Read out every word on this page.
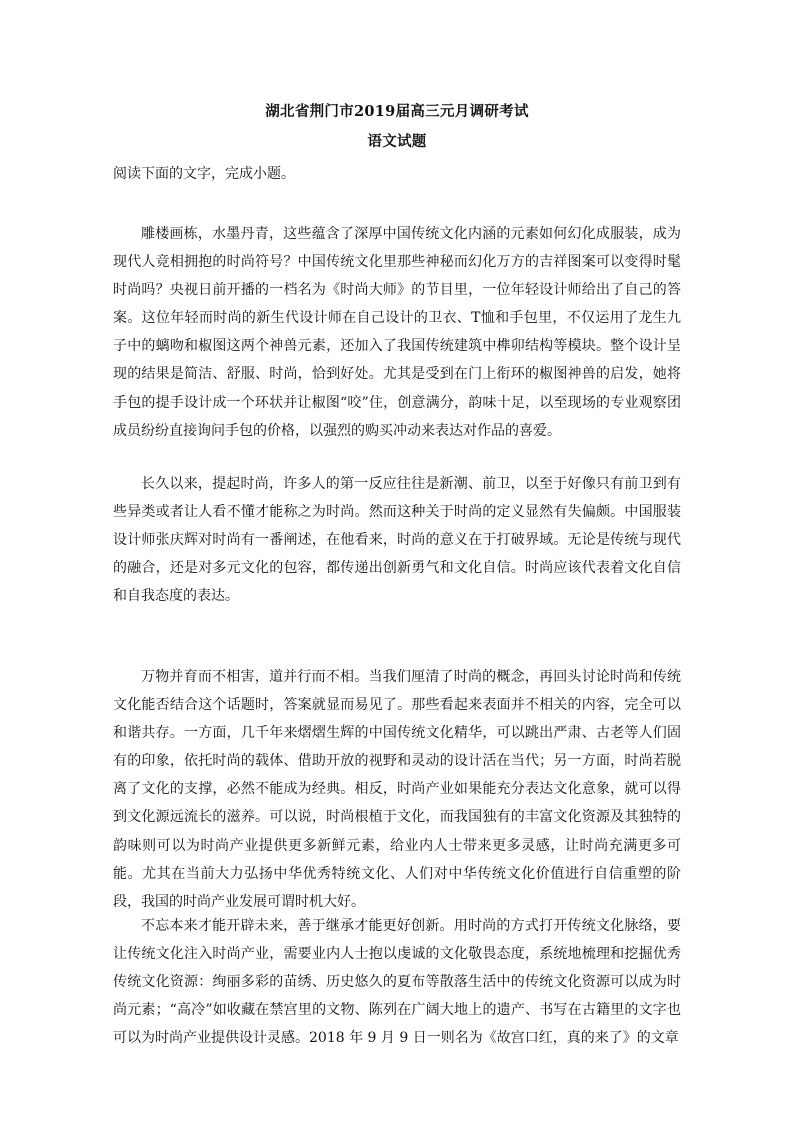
湖北省荆门市2019届高三元月调研考试
语文试题
阅读下面的文字，完成小题。

雕楼画栋，水墨丹青，这些蕴含了深厚中国传统文化内涵的元素如何幻化成服装，成为现代人竞相拥抱的时尚符号？中国传统文化里那些神秘而幻化万方的吉祥图案可以变得时髦时尚吗？央视日前开播的一档名为《时尚大师》的节目里，一位年轻设计师给出了自己的答案。这位年轻而时尚的新生代设计师在自己设计的卫衣、T恤和手包里，不仅运用了龙生九子中的螭吻和椒图这两个神兽元素，还加入了我国传统建筑中榫卯结构等模块。整个设计呈现的结果是简洁、舒服、时尚，恰到好处。尤其是受到在门上衔环的椒图神兽的启发，她将手包的提手设计成一个环状并让椒图“咬”住，创意满分，韵味十足，以至现场的专业观察团成员纷纷直接询问手包的价格，以强烈的购买冲动来表达对作品的喜爱。

长久以来，提起时尚，许多人的第一反应往往是新潮、前卫，以至于好像只有前卫到有些异类或者让人看不懂才能称之为时尚。然而这种关于时尚的定义显然有失偏颇。中国服装设计师张庆辉对时尚有一番阐述，在他看来，时尚的意义在于打破界域。无论是传统与现代的融合，还是对多元文化的包容，都传递出创新勇气和文化自信。时尚应该代表着文化自信和自我态度的表达。

万物并育而不相害，道并行而不相。当我们厘清了时尚的概念，再回头讨论时尚和传统文化能否结合这个话题时，答案就显而易见了。那些看起来表面并不相关的内容，完全可以和谐共存。一方面，几千年来熠熠生辉的中国传统文化精华，可以跳出严肃、古老等人们固有的印象，依托时尚的载体、借助开放的视野和灵动的设计活在当代；另一方面，时尚若脱离了文化的支撑，必然不能成为经典。相反，时尚产业如果能充分表达文化意象，就可以得到文化源远流长的滋养。可以说，时尚根植于文化，而我国独有的丰富文化资源及其独特的韵味则可以为时尚产业提供更多新鲜元素，给业内人士带来更多灵感，让时尚充满更多可能。尤其在当前大力弘扬中华优秀特统文化、人们对中华传统文化价值进行自信重塑的阶段，我国的时尚产业发展可谓时机大好。

不忘本来才能开辟未来，善于继承才能更好创新。用时尚的方式打开传统文化脉络，要让传统文化注入时尚产业，需要业内人士抱以虔诚的文化敬畏态度，系统地梳理和挖掘优秀传统文化资源：绚丽多彩的苗绣、历史悠久的夏布等散落生活中的传统文化资源可以成为时尚元素；“高冷”如收藏在禁宫里的文物、陈列在广阔大地上的遗产、书写在古籍里的文字也可以为时尚产业提供设计灵感。2018 年 9 月 9 日一则名为《故宫口红，真的来了》的文章
